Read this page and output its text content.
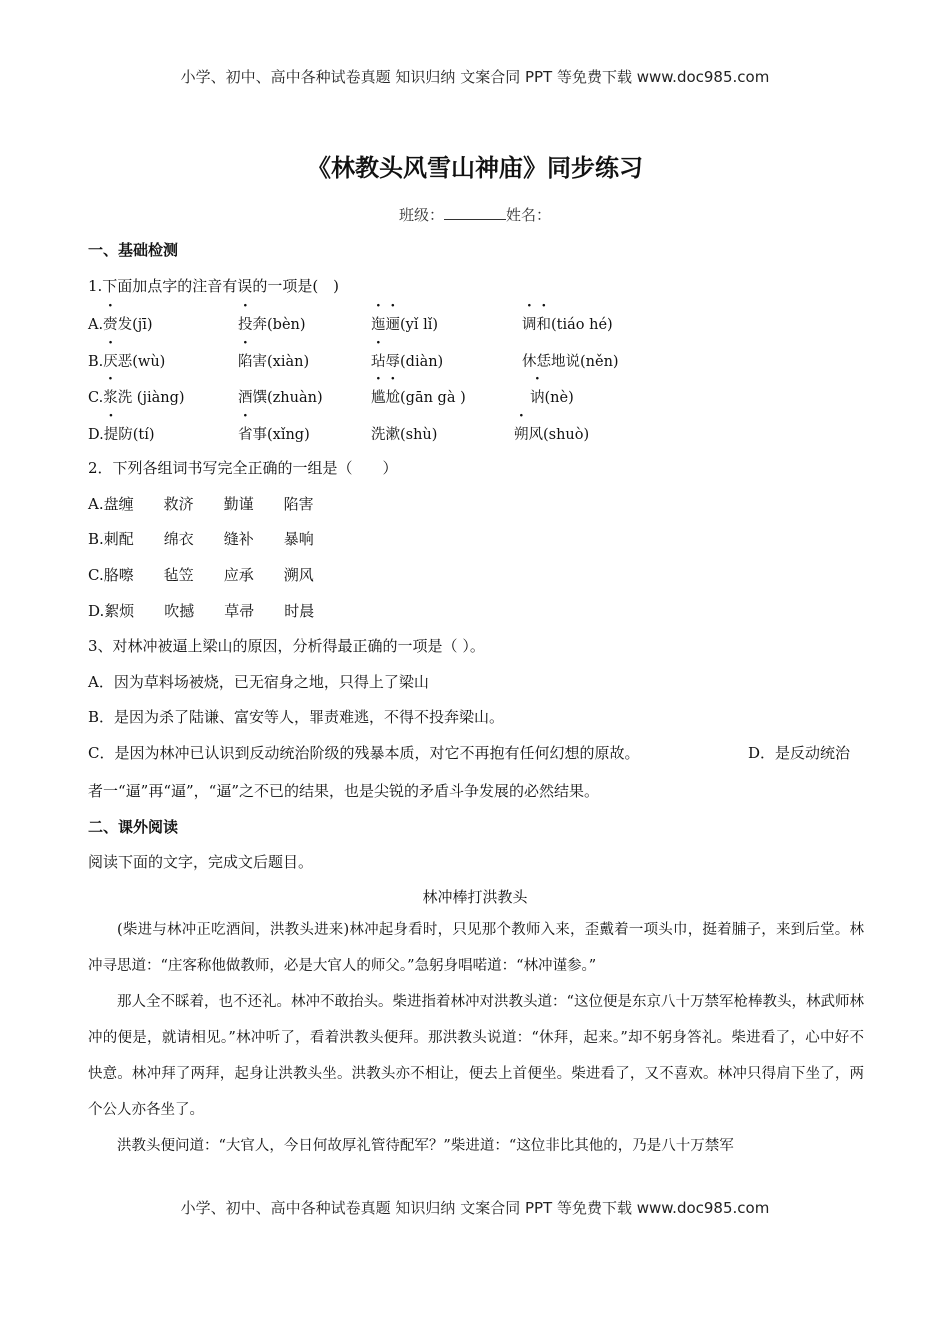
小学、初中、高中各种试卷真题 知识归纳 文案合同 PPT 等免费下载 www.doc985.com
《林教头风雪山神庙》同步练习
班级：	姓名：
一、基础检测
1.下面加点字的注音有误的一项是(　)
A.赍发(jī)	投奔(bèn)	迤逦(yǐ lǐ)	调和(tiáo hé)
B.厌恶(wù)	陷害(xiàn)	玷辱(diàn)	休恁地说(něn)
C.浆洗 (jiàng)	酒馔(zhuàn)	尴尬(gān gà )	讷(nè)
D.提防(tí)	省事(xǐng)	洗漱(shù)	朔风(shuò)
2．下列各组词书写完全正确的一组是（　　）
A.盘缠　　救济　　勤谨　　陷害
B.刺配　　绵衣　　缝补　　暴响
C.胳嚓　　毡笠　　应承　　溯风
D.絮烦　　吹撼　　草帚　　时晨
3、对林冲被逼上梁山的原因，分析得最正确的一项是（ ）。
A．因为草料场被烧，已无宿身之地，只得上了梁山
B．是因为杀了陆谦、富安等人，罪责难逃，不得不投奔梁山。
C．是因为林冲已认识到反动统治阶级的残暴本质，对它不再抱有任何幻想的原故。	D．是反动统治
者一“逼”再“逼”，“逼”之不已的结果，也是尖锐的矛盾斗争发展的必然结果。
二、课外阅读
阅读下面的文字，完成文后题目。
林冲棒打洪教头
(柴进与林冲正吃酒间，洪教头进来)林冲起身看时，只见那个教师入来，歪戴着一项头巾，挺着脯子，来到后堂。林冲寻思道：“庄客称他做教师，必是大官人的师父。”急躬身唱喏道：“林冲谨参。”
那人全不睬着，也不还礼。林冲不敢抬头。柴进指着林冲对洪教头道：“这位便是东京八十万禁军枪棒教头，林武师林冲的便是，就请相见。”林冲听了，看着洪教头便拜。那洪教头说道：“休拜，起来。”却不躬身答礼。柴进看了，心中好不快意。林冲拜了两拜，起身让洪教头坐。洪教头亦不相让，便去上首便坐。柴进看了，又不喜欢。林冲只得肩下坐了，两个公人亦各坐了。
洪教头便问道：“大官人，今日何故厚礼管待配军？”柴进道：“这位非比其他的，乃是八十万禁军
小学、初中、高中各种试卷真题 知识归纳 文案合同 PPT 等免费下载 www.doc985.com
